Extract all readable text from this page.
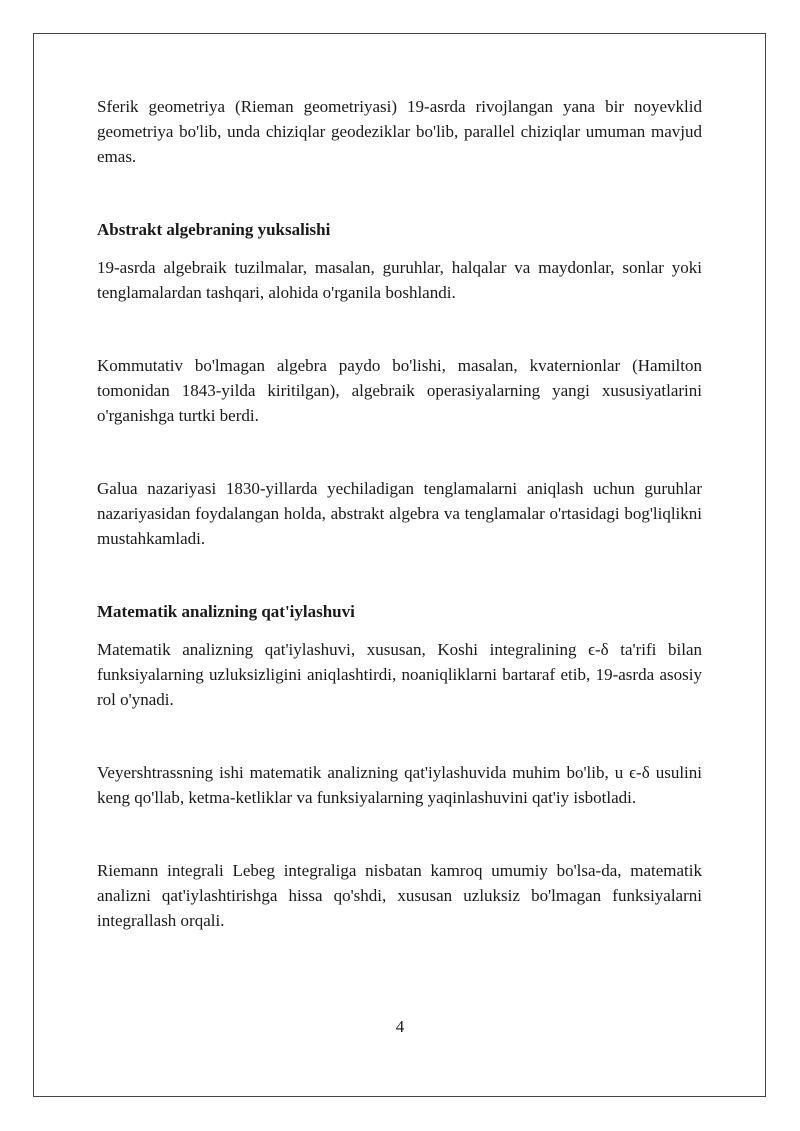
Sferik geometriya (Rieman geometriyasi) 19-asrda rivojlangan yana bir noyevklid geometriya bo'lib, unda chiziqlar geodeziklar bo'lib, parallel chiziqlar umuman mavjud emas.

Abstrakt algebraning yuksalishi

19-asrda algebraik tuzilmalar, masalan, guruhlar, halqalar va maydonlar, sonlar yoki tenglamalardan tashqari, alohida o'rganila boshlandi.

Kommutativ bo'lmagan algebra paydo bo'lishi, masalan, kvaternionlar (Hamilton tomonidan 1843-yilda kiritilgan), algebraik operasiyalarning yangi xususiyatlarini o'rganishga turtki berdi.

Galua nazariyasi 1830-yillarda yechiladigan tenglamalarni aniqlash uchun guruhlar nazariyasidan foydalangan holda, abstrakt algebra va tenglamalar o'rtasidagi bog'liqlikni mustahkamladi.

Matematik analizning qat'iylashuvi

Matematik analizning qat'iylashuvi, xususan, Koshi integralining ϵ-δ ta'rifi bilan funksiyalarning uzluksizligini aniqlashtirdi, noaniqliklarni bartaraf etib, 19-asrda asosiy rol o'ynadi.

Veyershtrassning ishi matematik analizning qat'iylashuvida muhim bo'lib, u ϵ-δ usulini keng qo'llab, ketma-ketliklar va funksiyalarning yaqinlashuvini qat'iy isbotladi.

Riemann integrali Lebeg integraliga nisbatan kamroq umumiy bo'lsa-da, matematik analizni qat'iylashtirishga hissa qo'shdi, xususan uzluksiz bo'lmagan funksiyalarni integrallash orqali.

4
